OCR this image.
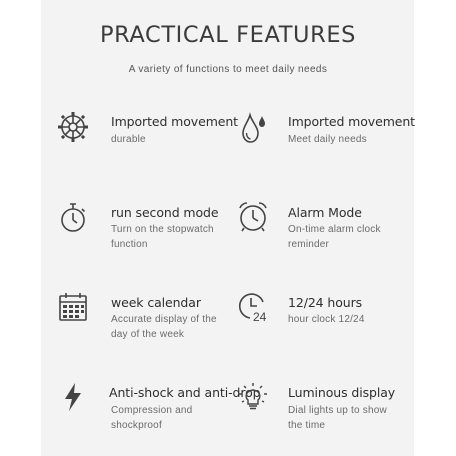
PRACTICAL FEATURES
A variety of functions to meet daily needs
Imported movement
durable
Imported movement
Meet daily needs
run second mode
Turn on the stopwatch function
Alarm Mode
On-time alarm clock reminder
week calendar
Accurate display of the day of the week
24
12/24 hours
hour clock 12/24
Anti-shock and anti-drop
Compression and shockproof
Luminous display
Dial lights up to show the time
